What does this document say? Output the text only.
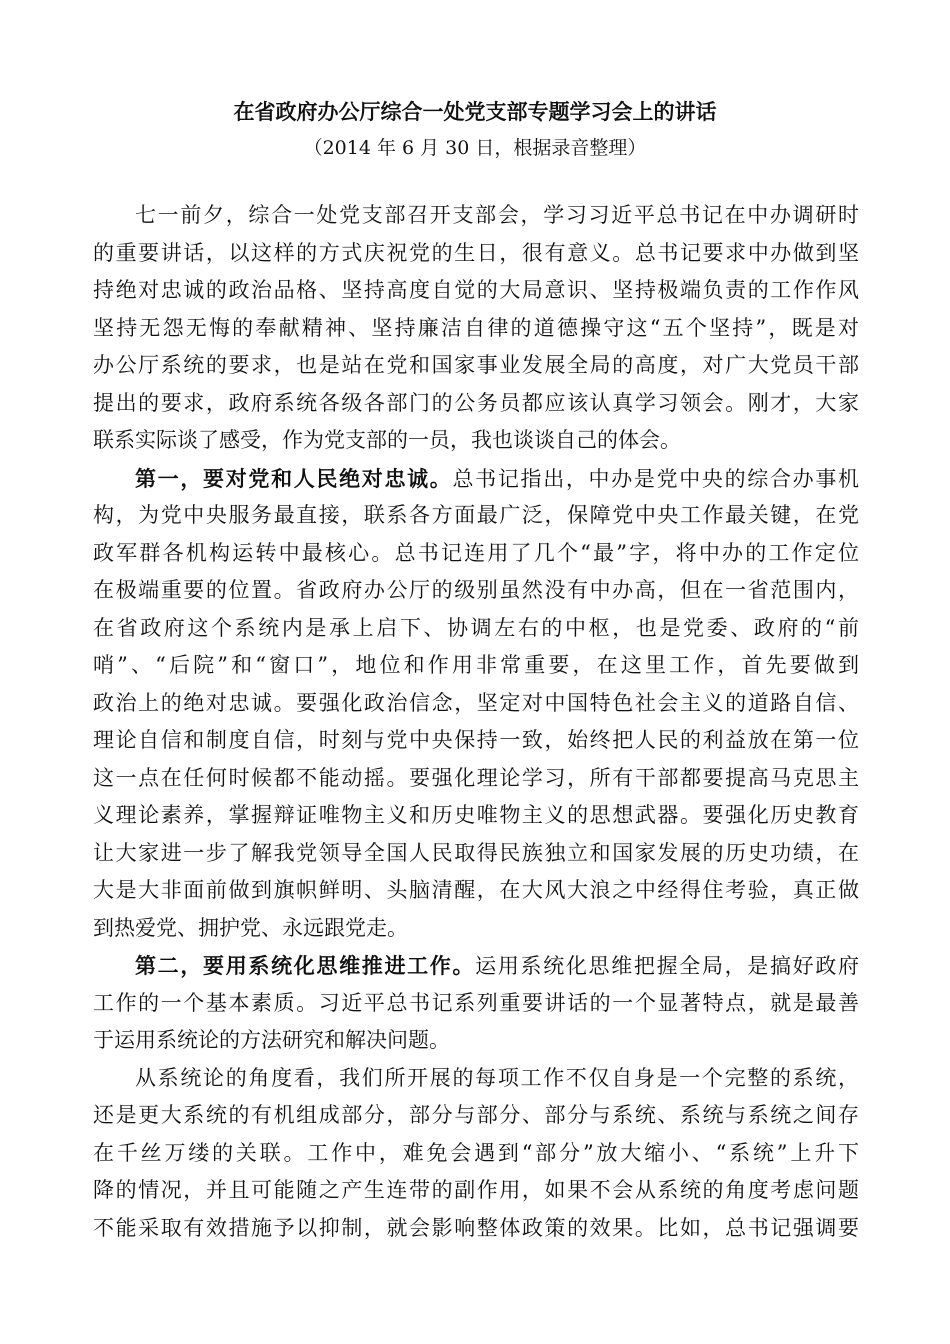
在省政府办公厅综合一处党支部专题学习会上的讲话
（2014 年 6 月 30 日，根据录音整理）
七一前夕，综合一处党支部召开支部会，学习习近平总书记在中办调研时
的重要讲话，以这样的方式庆祝党的生日，很有意义。总书记要求中办做到坚
持绝对忠诚的政治品格、坚持高度自觉的大局意识、坚持极端负责的工作作风
坚持无怨无悔的奉献精神、坚持廉洁自律的道德操守这“五个坚持”，既是对
办公厅系统的要求，也是站在党和国家事业发展全局的高度，对广大党员干部
提出的要求，政府系统各级各部门的公务员都应该认真学习领会。刚才，大家
联系实际谈了感受，作为党支部的一员，我也谈谈自己的体会。
第一，要对党和人民绝对忠诚。总书记指出，中办是党中央的综合办事机
构，为党中央服务最直接，联系各方面最广泛，保障党中央工作最关键，在党
政军群各机构运转中最核心。总书记连用了几个“最”字，将中办的工作定位
在极端重要的位置。省政府办公厅的级别虽然没有中办高，但在一省范围内，
在省政府这个系统内是承上启下、协调左右的中枢，也是党委、政府的“前
哨”、“后院”和“窗口”，地位和作用非常重要，在这里工作，首先要做到
政治上的绝对忠诚。要强化政治信念，坚定对中国特色社会主义的道路自信、
理论自信和制度自信，时刻与党中央保持一致，始终把人民的利益放在第一位
这一点在任何时候都不能动摇。要强化理论学习，所有干部都要提高马克思主
义理论素养，掌握辩证唯物主义和历史唯物主义的思想武器。要强化历史教育
让大家进一步了解我党领导全国人民取得民族独立和国家发展的历史功绩，在
大是大非面前做到旗帜鲜明、头脑清醒，在大风大浪之中经得住考验，真正做
到热爱党、拥护党、永远跟党走。
第二，要用系统化思维推进工作。运用系统化思维把握全局，是搞好政府
工作的一个基本素质。习近平总书记系列重要讲话的一个显著特点，就是最善
于运用系统论的方法研究和解决问题。
从系统论的角度看，我们所开展的每项工作不仅自身是一个完整的系统，
还是更大系统的有机组成部分，部分与部分、部分与系统、系统与系统之间存
在千丝万缕的关联。工作中，难免会遇到“部分”放大缩小、“系统”上升下
降的情况，并且可能随之产生连带的副作用，如果不会从系统的角度考虑问题
不能采取有效措施予以抑制，就会影响整体政策的效果。比如，总书记强调要
